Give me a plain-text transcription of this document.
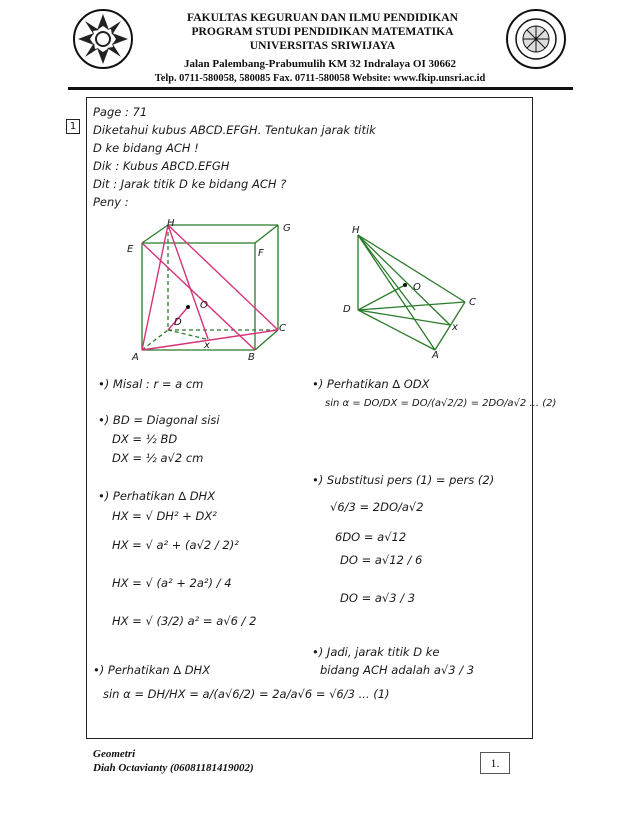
FAKULTAS KEGURUAN DAN ILMU PENDIDIKAN
PROGRAM STUDI PENDIDIKAN MATEMATIKA
UNIVERSITAS SRIWIJAYA
Jalan Palembang-Prabumulih KM 32 Indralaya OI 30662
Telp. 0711-580058, 580085 Fax. 0711-580058 Website: www.fkip.unsri.ac.id
1
Page : 71
Diketahui kubus ABCD.EFGH. Tentukan jarak titik
D ke bidang ACH !
Dik : Kubus ABCD.EFGH
Dit : Jarak titik D ke bidang ACH ?
Peny :
H	G
E	F
O
D
C
x
A	B
H
O
D
C
x
A
•) Misal : r = a cm
•) BD = Diagonal sisi
DX = ½ BD
DX = ½ a√2 cm
•) Perhatikan ∆ DHX
HX = √ DH² + DX²
HX = √ a² + (a√2 / 2)²
HX = √ (a² + 2a²) / 4
HX = √ (3/2) a² = a√6 / 2
•) Perhatikan ∆ DHX
sin α = DH/HX = a/(a√6/2) = 2a/a√6 = √6/3 ... (1)
•) Perhatikan ∆ ODX
sin α = DO/DX = DO/(a√2/2) = 2DO/a√2 ... (2)
•) Substitusi pers (1) = pers (2)
√6/3 = 2DO/a√2
6DO = a√12
DO = a√12 / 6
DO = a√3 / 3
•) Jadi, jarak titik D ke
bidang ACH adalah a√3 / 3
Geometri
Diah Octavianty (06081181419002)	1.
